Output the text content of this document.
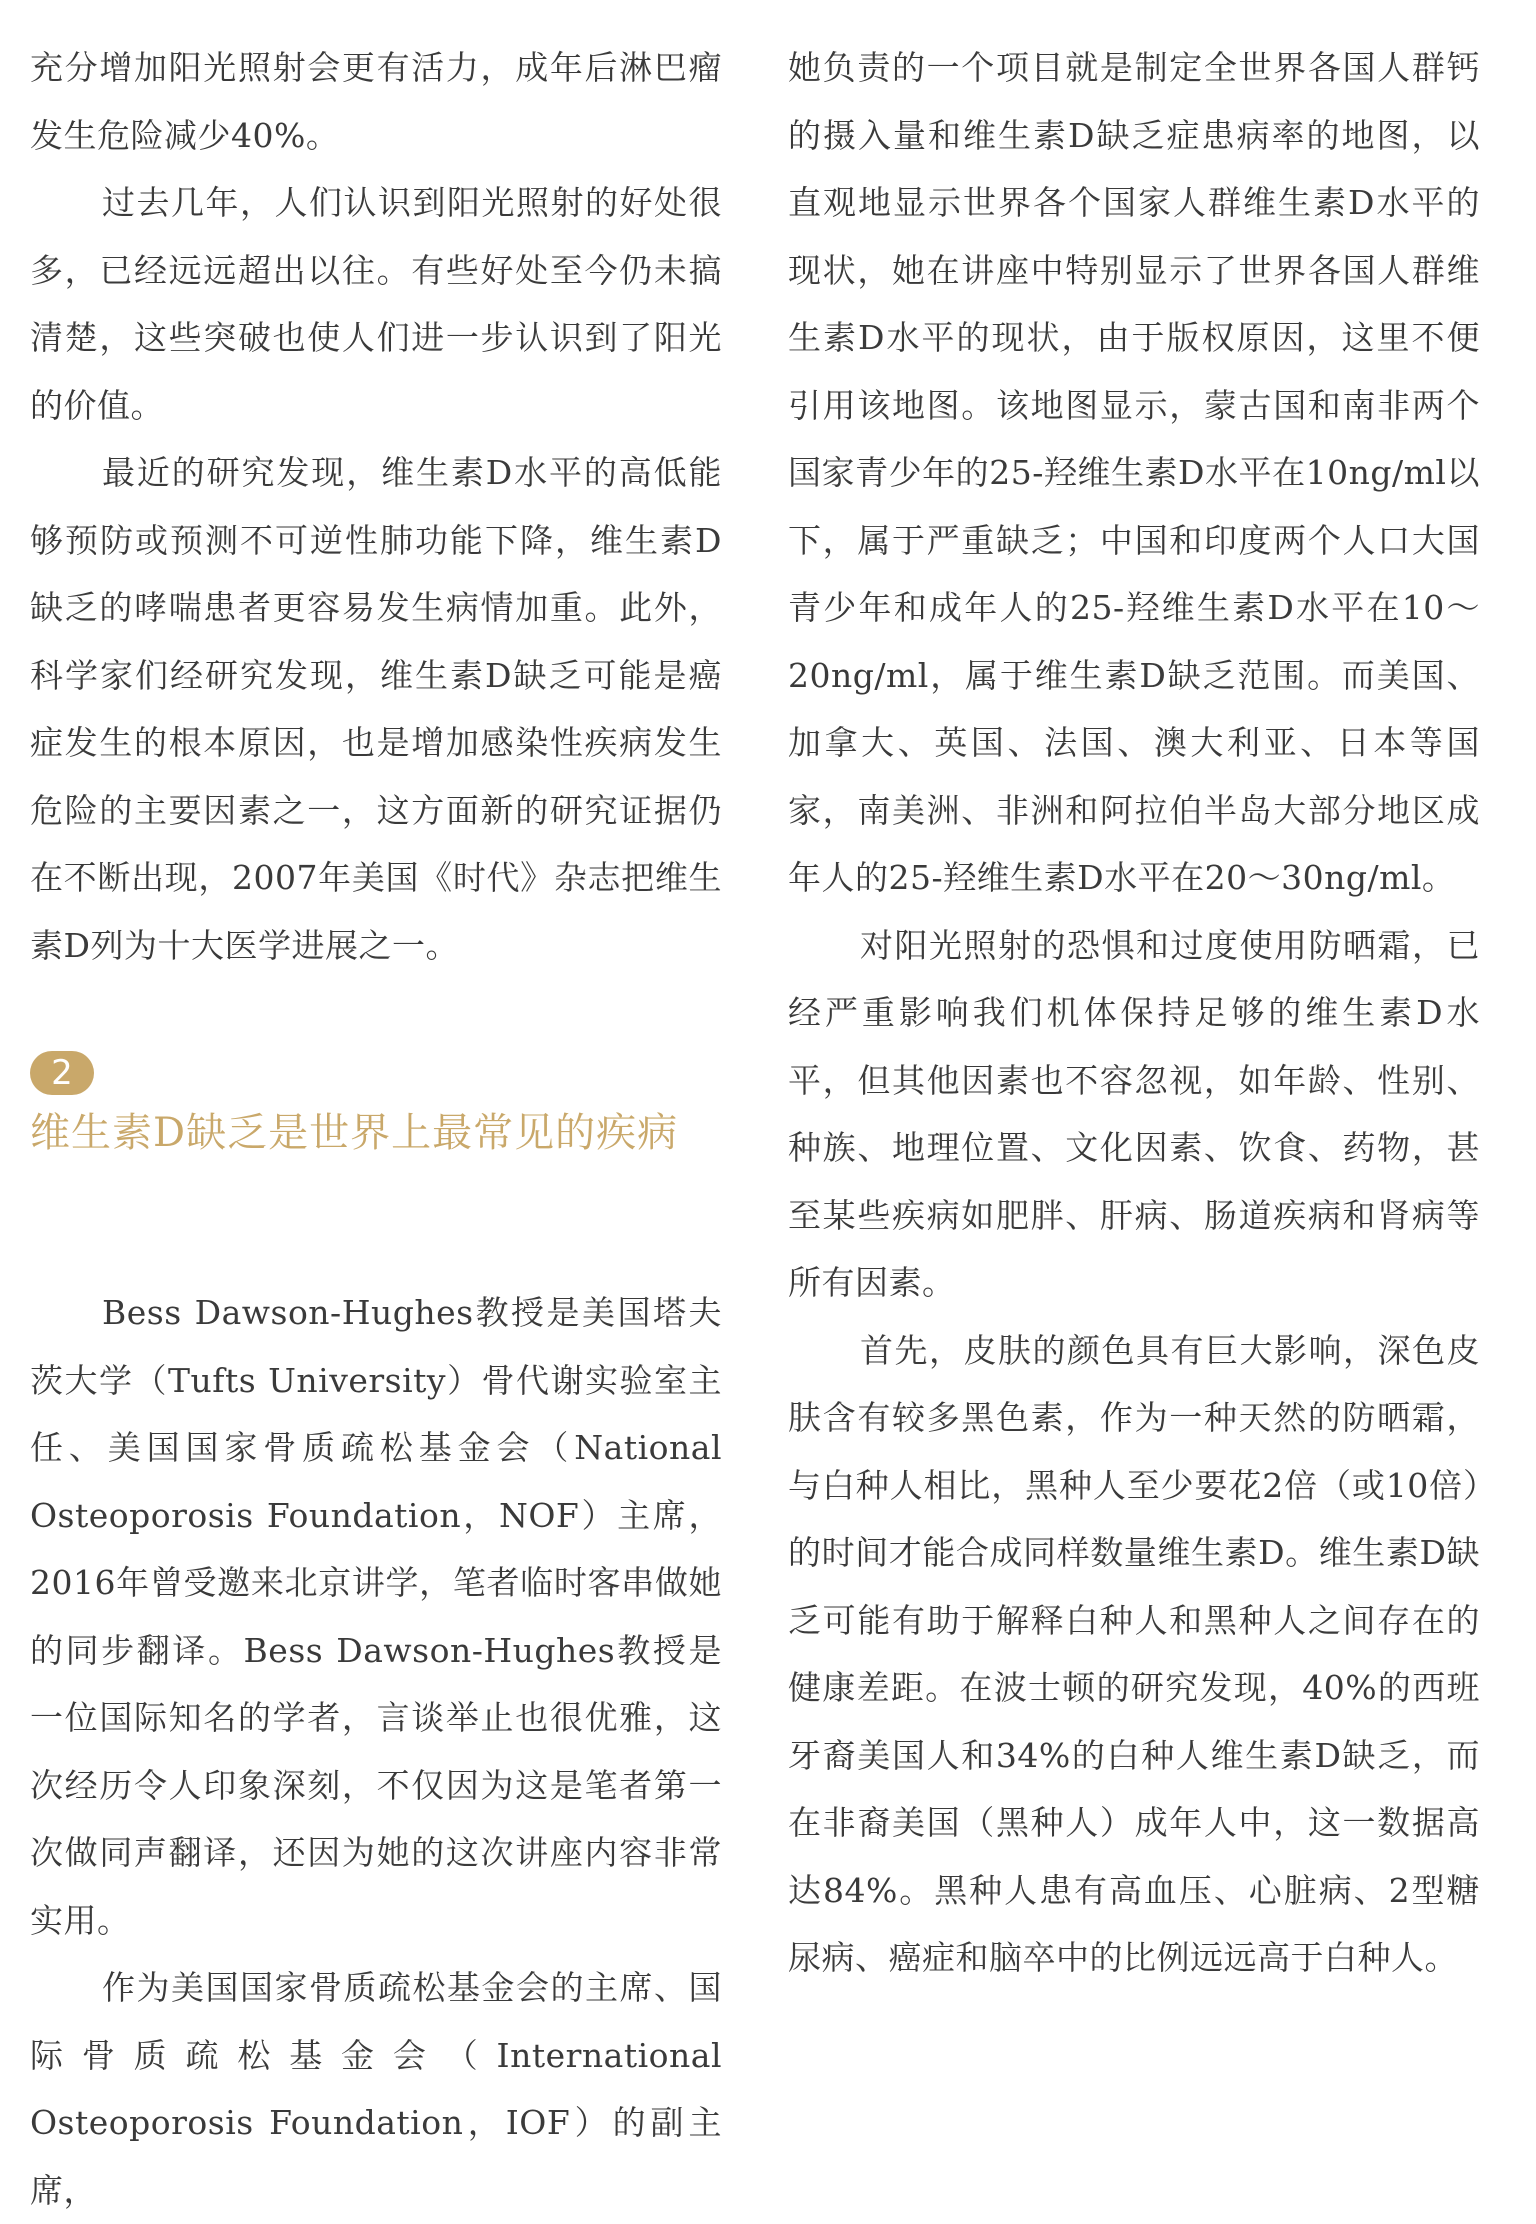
充分增加阳光照射会更有活力，成年后淋巴瘤发生危险减少40%。

过去几年，人们认识到阳光照射的好处很多，已经远远超出以往。有些好处至今仍未搞清楚，这些突破也使人们进一步认识到了阳光的价值。

最近的研究发现，维生素D水平的高低能够预防或预测不可逆性肺功能下降，维生素D缺乏的哮喘患者更容易发生病情加重。此外，科学家们经研究发现，维生素D缺乏可能是癌症发生的根本原因，也是增加感染性疾病发生危险的主要因素之一，这方面新的研究证据仍在不断出现，2007年美国《时代》杂志把维生素D列为十大医学进展之一。

2
维生素D缺乏是世界上最常见的疾病

Bess Dawson-Hughes教授是美国塔夫茨大学（Tufts University）骨代谢实验室主任、美国国家骨质疏松基金会（National Osteoporosis Foundation，NOF）主席，2016年曾受邀来北京讲学，笔者临时客串做她的同步翻译。Bess Dawson-Hughes教授是一位国际知名的学者，言谈举止也很优雅，这次经历令人印象深刻，不仅因为这是笔者第一次做同声翻译，还因为她的这次讲座内容非常实用。

作为美国国家骨质疏松基金会的主席、国际骨质疏松基金会（International Osteoporosis Foundation，IOF）的副主席，

她负责的一个项目就是制定全世界各国人群钙的摄入量和维生素D缺乏症患病率的地图，以直观地显示世界各个国家人群维生素D水平的现状，她在讲座中特别显示了世界各国人群维生素D水平的现状，由于版权原因，这里不便引用该地图。该地图显示，蒙古国和南非两个国家青少年的25-羟维生素D水平在10ng/ml以下，属于严重缺乏；中国和印度两个人口大国青少年和成年人的25-羟维生素D水平在10～20ng/ml，属于维生素D缺乏范围。而美国、加拿大、英国、法国、澳大利亚、日本等国家，南美洲、非洲和阿拉伯半岛大部分地区成年人的25-羟维生素D水平在20～30ng/ml。

对阳光照射的恐惧和过度使用防晒霜，已经严重影响我们机体保持足够的维生素D水平，但其他因素也不容忽视，如年龄、性别、种族、地理位置、文化因素、饮食、药物，甚至某些疾病如肥胖、肝病、肠道疾病和肾病等所有因素。

首先，皮肤的颜色具有巨大影响，深色皮肤含有较多黑色素，作为一种天然的防晒霜，与白种人相比，黑种人至少要花2倍（或10倍）的时间才能合成同样数量维生素D。维生素D缺乏可能有助于解释白种人和黑种人之间存在的健康差距。在波士顿的研究发现，40%的西班牙裔美国人和34%的白种人维生素D缺乏，而在非裔美国（黑种人）成年人中，这一数据高达84%。黑种人患有高血压、心脏病、2型糖尿病、癌症和脑卒中的比例远远高于白种人。
